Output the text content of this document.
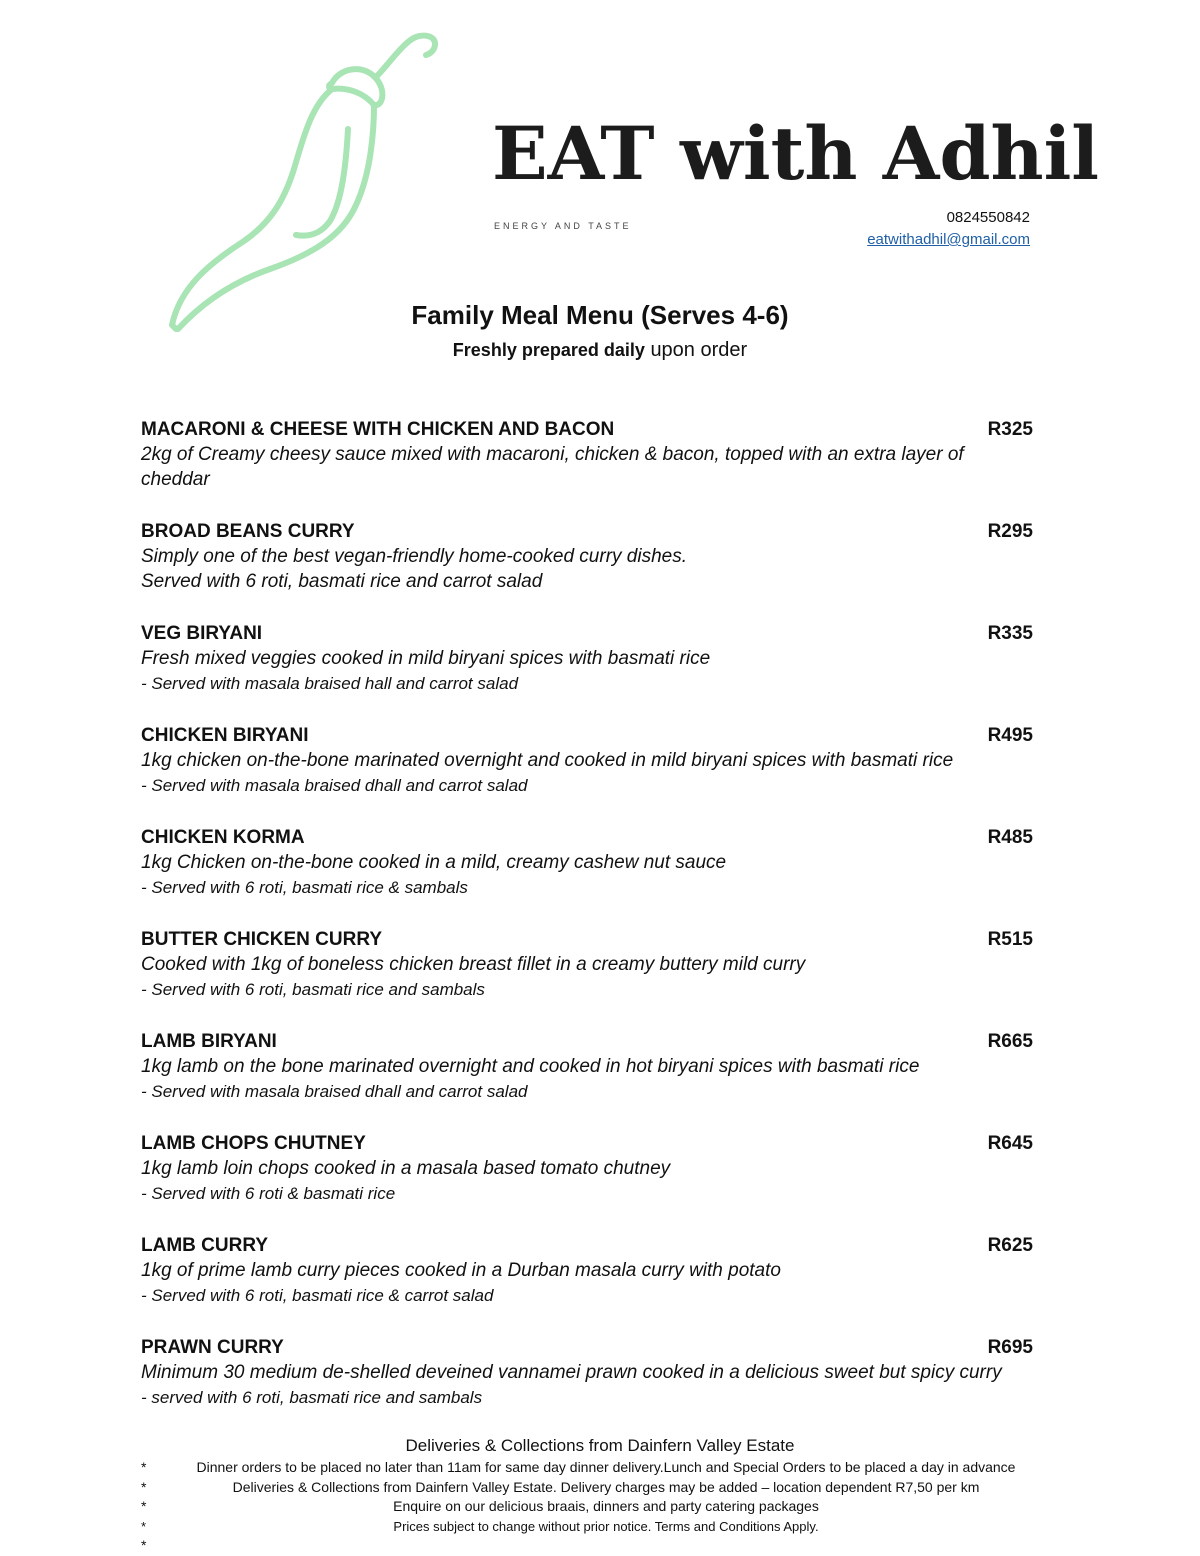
EAT with Adhil
ENERGY AND TASTE	0824550842
eatwithadhil@gmail.com
Family Meal Menu (Serves 4-6)
Freshly prepared daily upon order
MACARONI & CHEESE WITH CHICKEN AND BACON	R325
2kg of Creamy cheesy sauce mixed with macaroni, chicken & bacon, topped with an extra layer of cheddar
BROAD BEANS CURRY	R295
Simply one of the best vegan-friendly home-cooked curry dishes.
Served with 6 roti, basmati rice and carrot salad
VEG BIRYANI	R335
Fresh mixed veggies cooked in mild biryani spices with basmati rice
- Served with masala braised hall and carrot salad
CHICKEN BIRYANI	R495
1kg chicken on-the-bone marinated overnight and cooked in mild biryani spices with basmati rice
- Served with masala braised dhall and carrot salad
CHICKEN KORMA	R485
1kg Chicken on-the-bone cooked in a mild, creamy cashew nut sauce
- Served with 6 roti, basmati rice & sambals
BUTTER CHICKEN CURRY	R515
Cooked with 1kg of boneless chicken breast fillet in a creamy buttery mild curry
- Served with 6 roti, basmati rice and sambals
LAMB BIRYANI	R665
1kg lamb on the bone marinated overnight and cooked in hot biryani spices with basmati rice
- Served with masala braised dhall and carrot salad
LAMB CHOPS CHUTNEY	R645
1kg lamb loin chops cooked in a masala based tomato chutney
- Served with 6 roti & basmati rice
LAMB CURRY	R625
1kg of prime lamb curry pieces cooked in a Durban masala curry with potato
- Served with 6 roti, basmati rice & carrot salad
PRAWN CURRY	R695
Minimum 30 medium de-shelled deveined vannamei prawn cooked in a delicious sweet but spicy curry
- served with 6 roti, basmati rice and sambals
Deliveries & Collections from Dainfern Valley Estate
*	Dinner orders to be placed no later than 11am for same day dinner delivery.Lunch and Special Orders to be placed a day in advance
*	Deliveries & Collections from Dainfern Valley Estate. Delivery charges may be added – location dependent R7,50 per km
*	Enquire on our delicious braais, dinners and party catering packages
*	Prices subject to change without prior notice. Terms and Conditions Apply.
*
